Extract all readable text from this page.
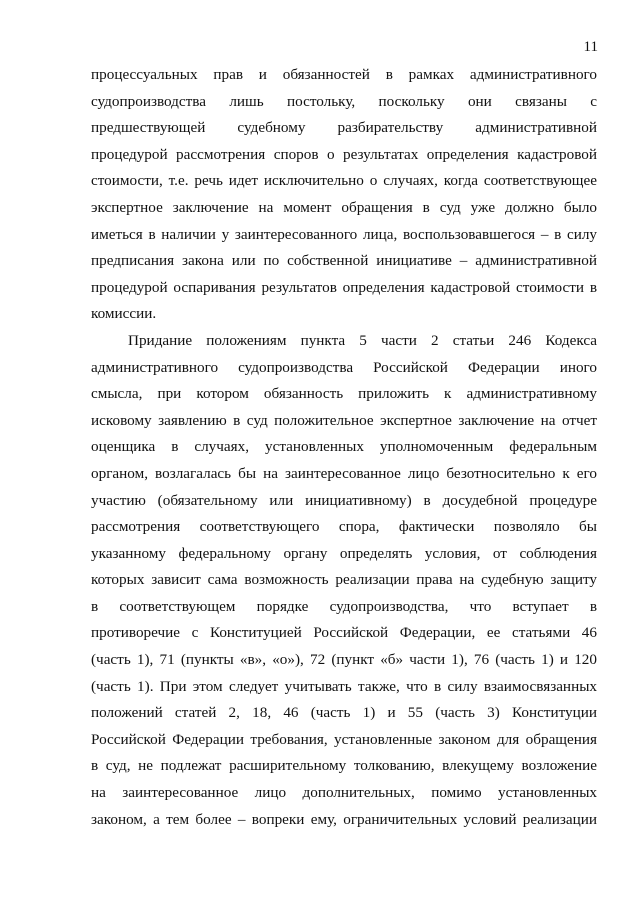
11
процессуальных прав и обязанностей в рамках административного
судопроизводства лишь постольку, поскольку они связаны с
предшествующей судебному разбирательству административной
процедурой рассмотрения споров о результатах определения кадастровой
стоимости, т.е. речь идет исключительно о случаях, когда соответствующее
экспертное заключение на момент обращения в суд уже должно было
иметься в наличии у заинтересованного лица, воспользовавшегося – в силу
предписания закона или по собственной инициативе – административной
процедурой оспаривания результатов определения кадастровой стоимости в
комиссии.
Придание положениям пункта 5 части 2 статьи 246 Кодекса
административного судопроизводства Российской Федерации иного
смысла, при котором обязанность приложить к административному
исковому заявлению в суд положительное экспертное заключение на отчет
оценщика в случаях, установленных уполномоченным федеральным
органом, возлагалась бы на заинтересованное лицо безотносительно к его
участию (обязательному или инициативному) в досудебной процедуре
рассмотрения соответствующего спора, фактически позволяло бы
указанному федеральному органу определять условия, от соблюдения
которых зависит сама возможность реализации права на судебную защиту
в соответствующем порядке судопроизводства, что вступает в
противоречие с Конституцией Российской Федерации, ее статьями 46
(часть 1), 71 (пункты «в», «о»), 72 (пункт «б» части 1), 76 (часть 1) и 120
(часть 1). При этом следует учитывать также, что в силу взаимосвязанных
положений статей 2, 18, 46 (часть 1) и 55 (часть 3) Конституции
Российской Федерации требования, установленные законом для обращения
в суд, не подлежат расширительному толкованию, влекущему возложение
на заинтересованное лицо дополнительных, помимо установленных
законом, а тем более – вопреки ему, ограничительных условий реализации
